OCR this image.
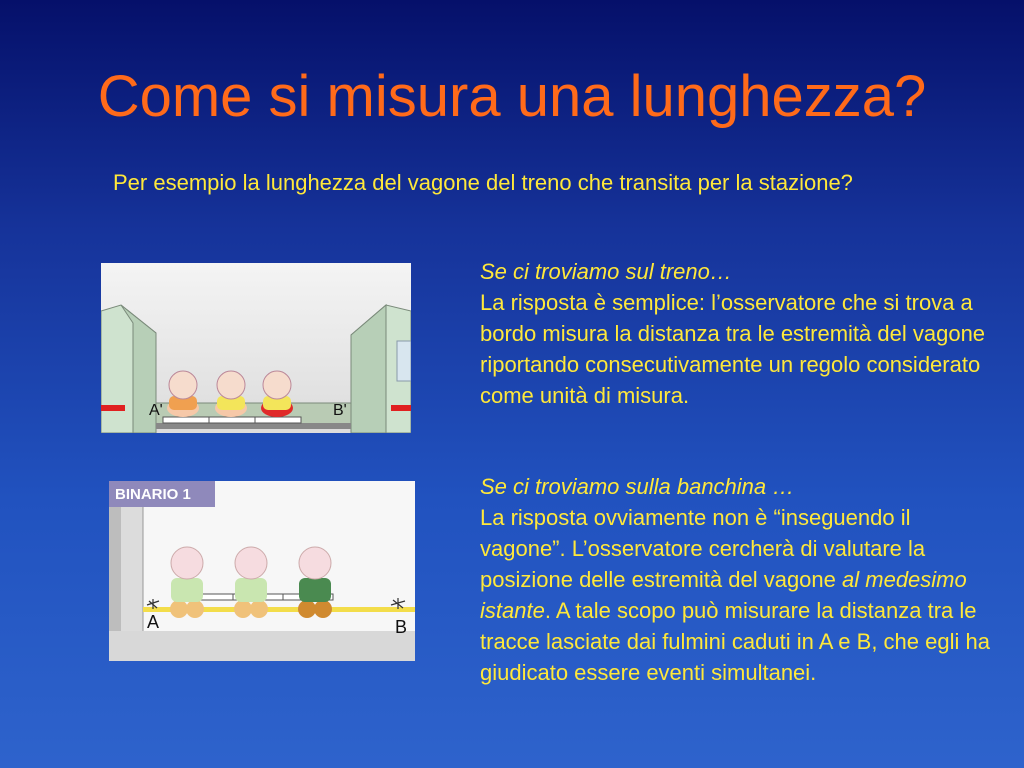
Come si misura una lunghezza?

Per esempio la lunghezza del vagone del treno che transita per la stazione?

A'	B'
BINARIO 1
A	B

Se ci troviamo sul treno…
La risposta è semplice: l’osservatore che si trova a bordo misura la distanza tra le estremità del vagone riportando consecutivamente un regolo considerato come unità di misura.

Se ci troviamo sulla banchina …
La risposta ovviamente non è “inseguendo il vagone”. L’osservatore cercherà di valutare la posizione delle estremità del vagone al medesimo istante. A tale scopo può misurare la distanza tra le tracce lasciate dai fulmini caduti in A e B, che egli ha giudicato essere eventi simultanei.
